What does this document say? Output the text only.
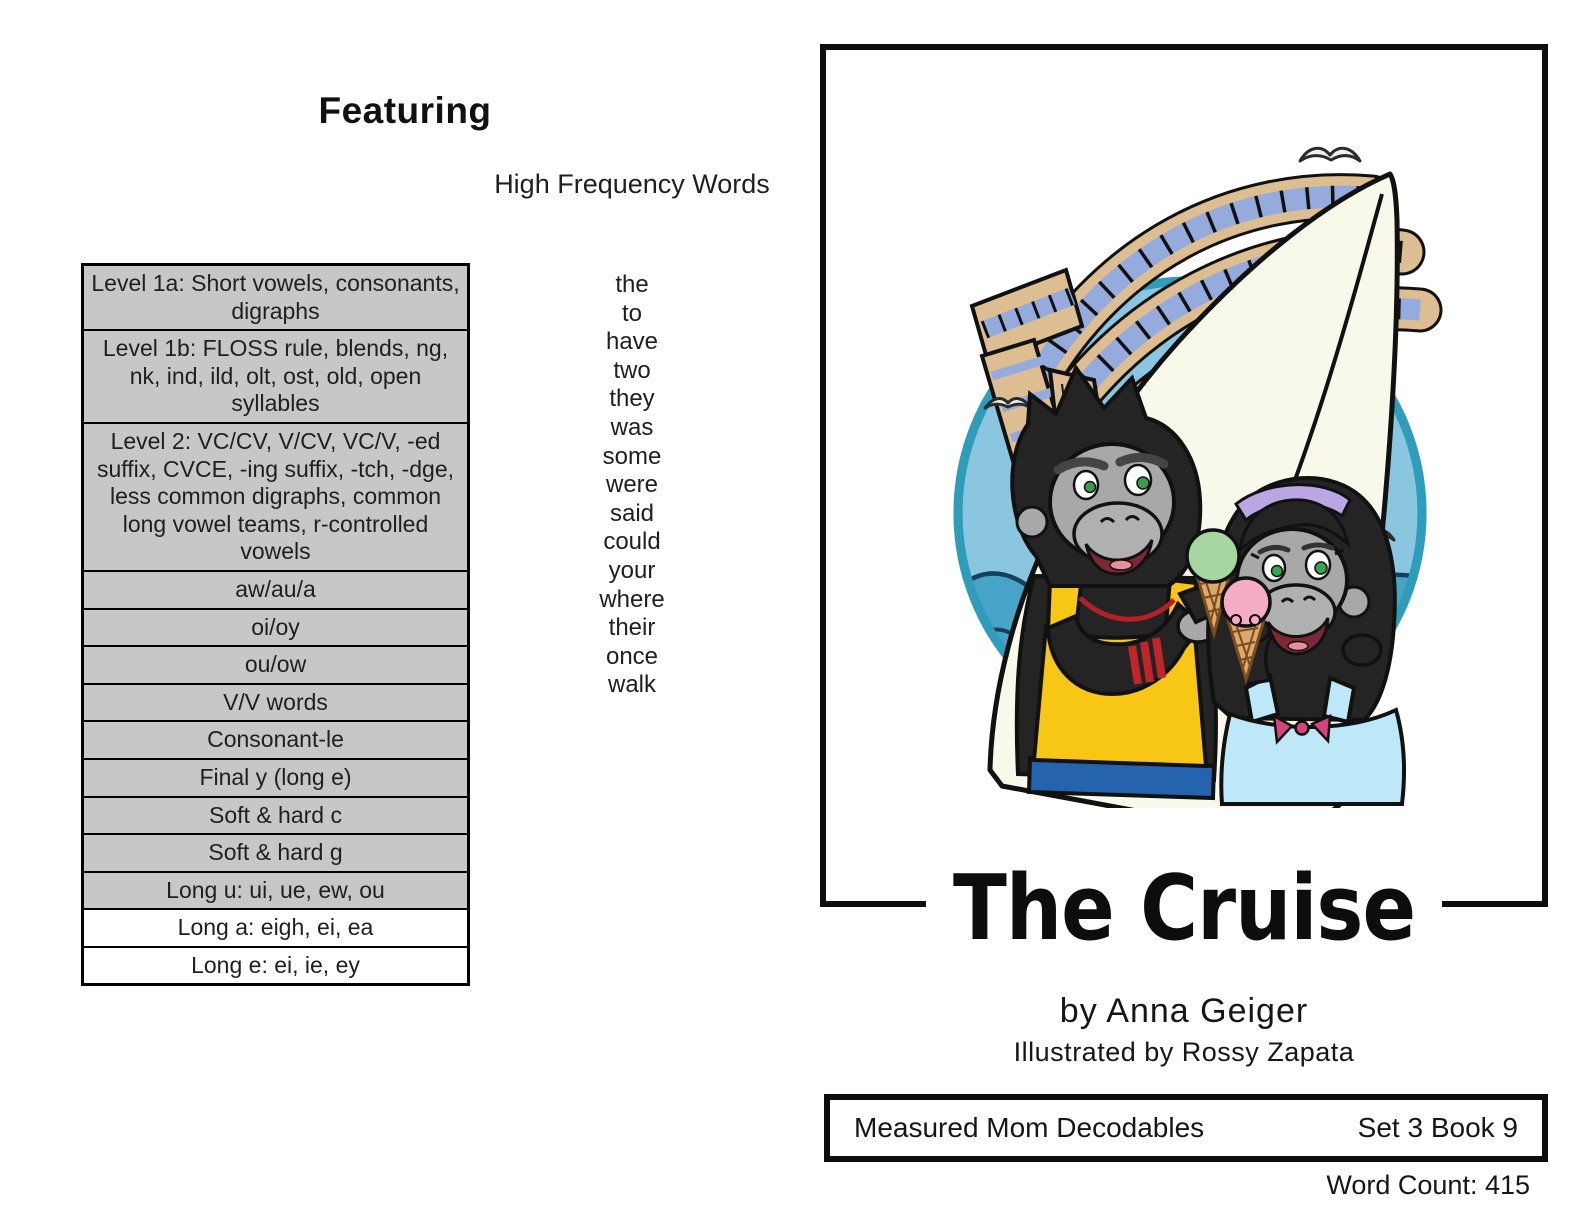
Featuring
Level 1a: Short vowels, consonants, digraphs
Level 1b: FLOSS rule, blends, ng, nk, ind, ild, olt, ost, old, open syllables
Level 2: VC/CV, V/CV, VC/V, -ed suffix, CVCE, -ing suffix, -tch, -dge, less common digraphs, common long vowel teams, r-controlled vowels
aw/au/a
oi/oy
ou/ow
V/V words
Consonant-le
Final y (long e)
Soft & hard c
Soft & hard g
Long u: ui, ue, ew, ou
Long a: eigh, ei, ea
Long e: ei, ie, ey
High Frequency Words
the
to
have
two
they
was
some
were
said
could
your
where
their
once
walk
The Cruise
by Anna Geiger
Illustrated by Rossy Zapata
Measured Mom Decodables	Set 3 Book 9
Word Count: 415
